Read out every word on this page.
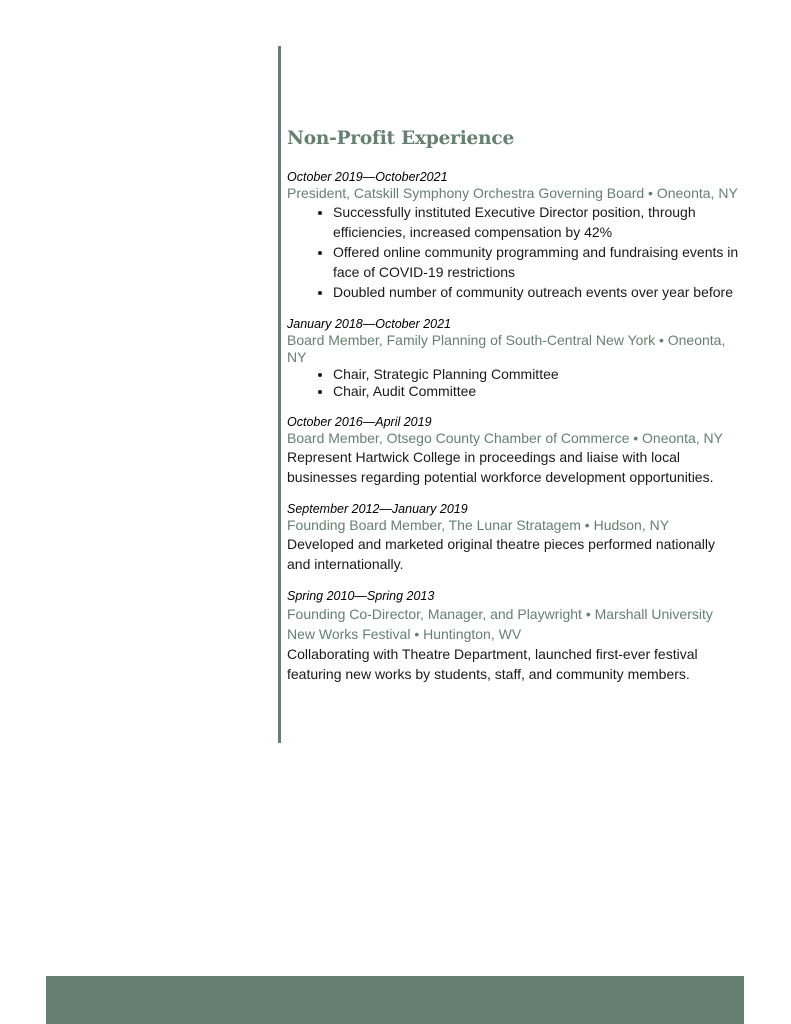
Non-Profit Experience
October 2019—October2021
President, Catskill Symphony Orchestra Governing Board • Oneonta, NY
• Successfully instituted Executive Director position, through efficiencies, increased compensation by 42%
• Offered online community programming and fundraising events in face of COVID-19 restrictions
• Doubled number of community outreach events over year before
January 2018—October 2021
Board Member, Family Planning of South-Central New York • Oneonta, NY
• Chair, Strategic Planning Committee
• Chair, Audit Committee
October 2016—April 2019
Board Member, Otsego County Chamber of Commerce • Oneonta, NY
Represent Hartwick College in proceedings and liaise with local businesses regarding potential workforce development opportunities.
September 2012—January 2019
Founding Board Member, The Lunar Stratagem • Hudson, NY
Developed and marketed original theatre pieces performed nationally and internationally.
Spring 2010—Spring 2013
Founding Co-Director, Manager, and Playwright • Marshall University New Works Festival • Huntington, WV
Collaborating with Theatre Department, launched first-ever festival featuring new works by students, staff, and community members.
